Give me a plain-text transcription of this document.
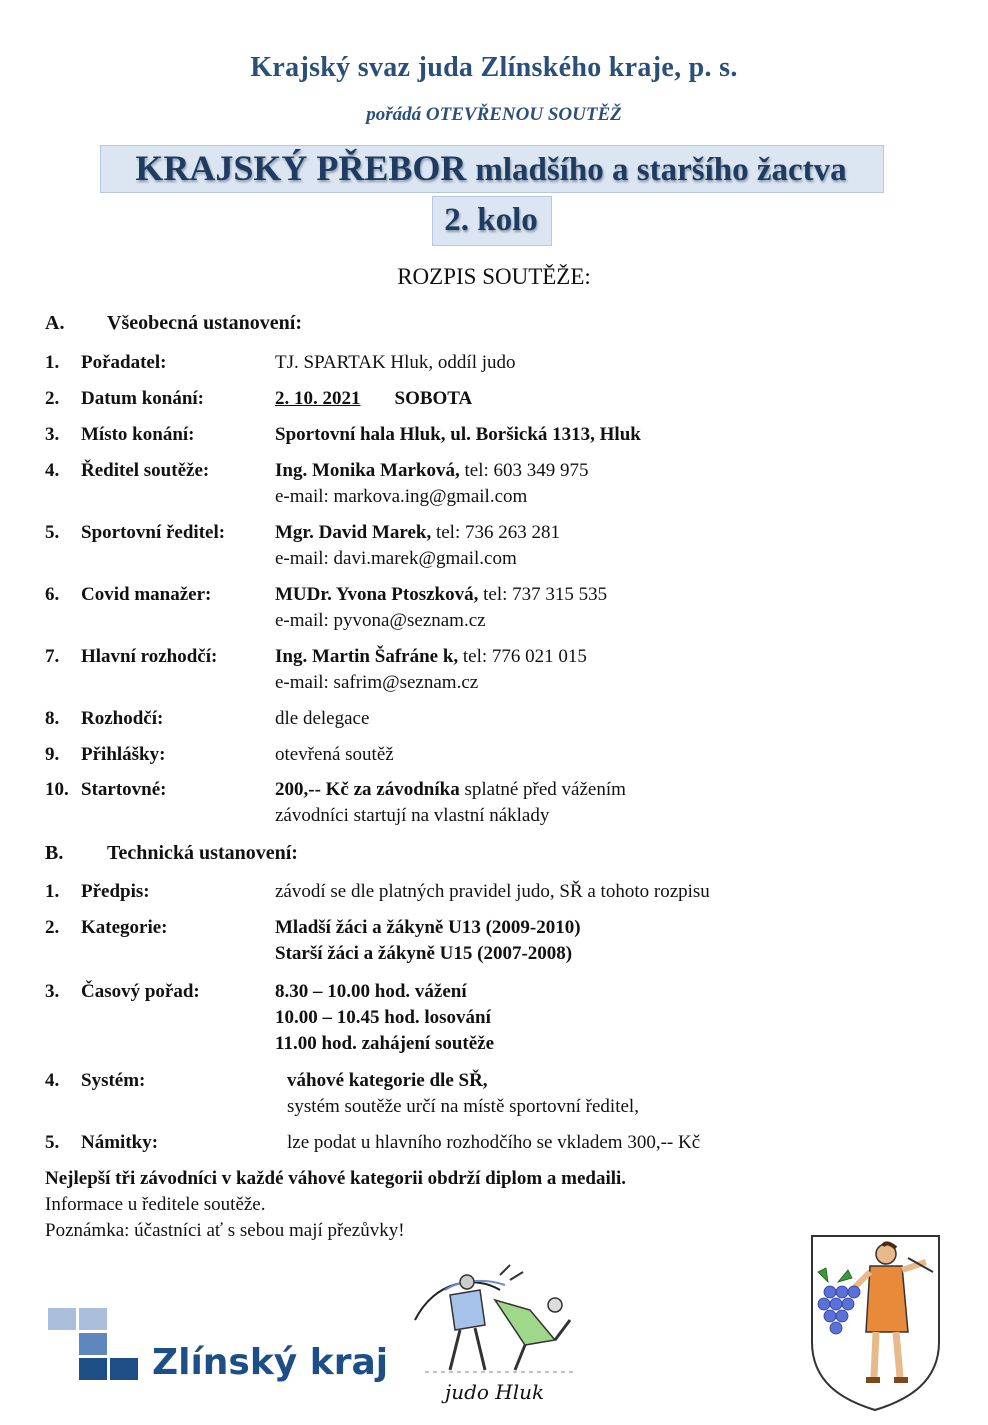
Krajský svaz juda Zlínského kraje, p. s.
pořádá OTEVŘENOU SOUTĚŽ
KRAJSKÝ PŘEBOR mladšího a staršího žactva
2. kolo
ROZPIS SOUTĚŽE:
A. Všeobecná ustanovení:
1.	Pořadatel:	TJ. SPARTAK Hluk, oddíl judo
2.	Datum konání:	2. 10. 2021 SOBOTA
3.	Místo konání:	Sportovní hala Hluk, ul. Boršická 1313, Hluk
4.	Ředitel soutěže:	Ing. Monika Marková, tel: 603 349 975
e-mail: markova.ing@gmail.com
5.	Sportovní ředitel:	Mgr. David Marek, tel: 736 263 281
e-mail: davi.marek@gmail.com
6.	Covid manažer:	MUDr. Yvona Ptoszková, tel: 737 315 535
e-mail: pyvona@seznam.cz
7.	Hlavní rozhodčí:	Ing. Martin Šafráne k, tel: 776 021 015
e-mail: safrim@seznam.cz
8.	Rozhodčí:	dle delegace
9.	Přihlášky:	otevřená soutěž
10. Startovné:	200,-- Kč za závodníka splatné před vážením
závodníci startují na vlastní náklady
B. Technická ustanovení:
1.	Předpis:	závodí se dle platných pravidel judo, SŘ a tohoto rozpisu
2.	Kategorie:	Mladší žáci a žákyně U13 (2009-2010)
Starší žáci a žákyně U15 (2007-2008)
3.	Časový pořad:	8.30 – 10.00 hod. vážení
10.00 – 10.45 hod. losování
11.00 hod. zahájení soutěže
4.	Systém:	váhové kategorie dle SŘ,
systém soutěže určí na místě sportovní ředitel,
5.	Námitky:	lze podat u hlavního rozhodčího se vkladem 300,-- Kč
Nejlepší tři závodníci v každé váhové kategorii obdrží diplom a medaili.
Informace u ředitele soutěže.
Poznámka: účastníci ať s sebou mají přezůvky!
Zlínský kraj
judo Hluk
